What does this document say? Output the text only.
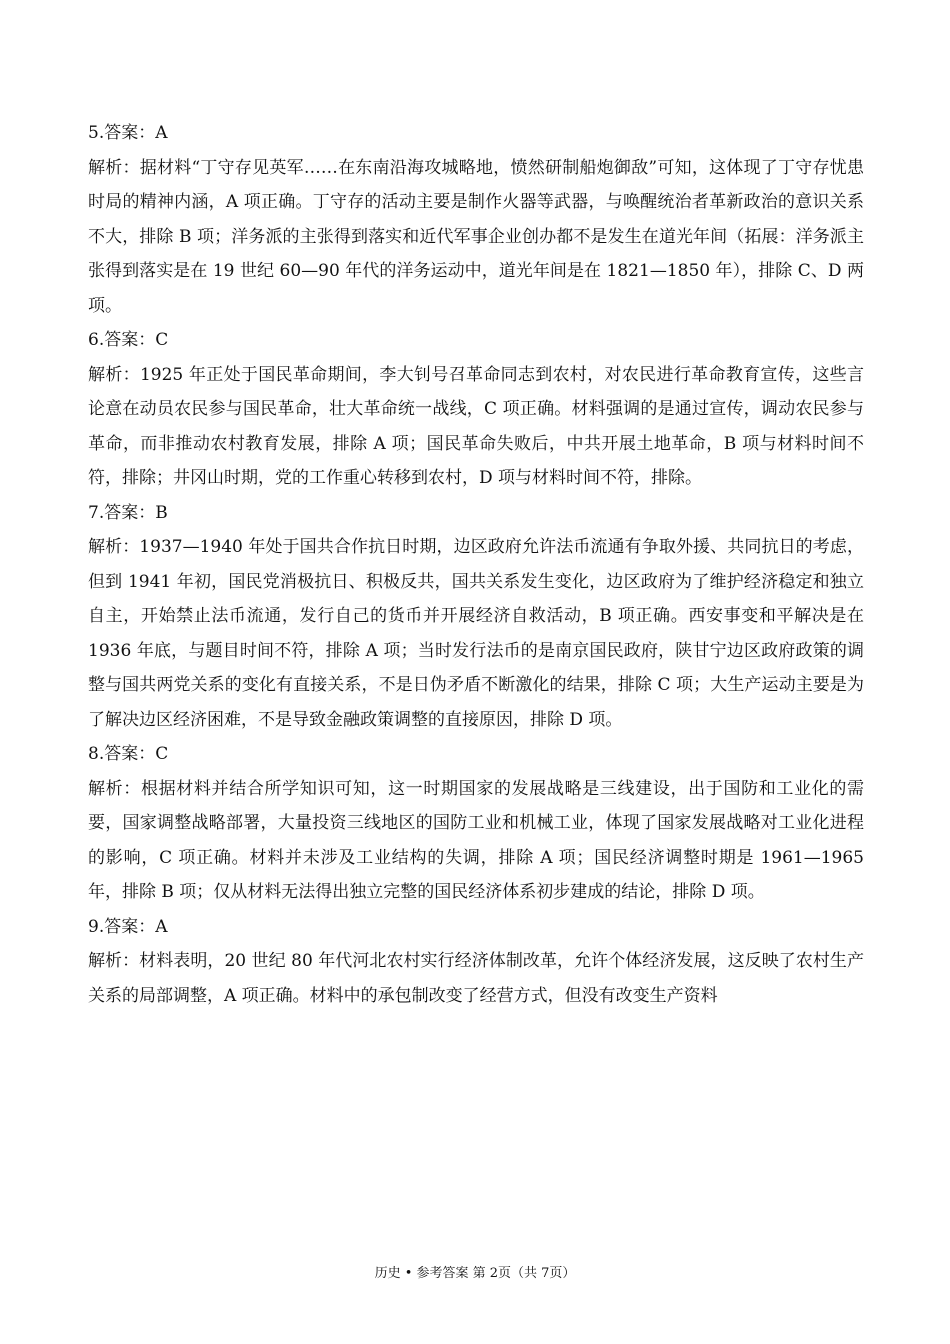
5.答案：A

解析：据材料“丁守存见英军……在东南沿海攻城略地，愤然研制船炮御敌”可知，这体现了丁守存忧患时局的精神内涵，A 项正确。丁守存的活动主要是制作火器等武器，与唤醒统治者革新政治的意识关系不大，排除 B 项；洋务派的主张得到落实和近代军事企业创办都不是发生在道光年间（拓展：洋务派主张得到落实是在 19 世纪 60—90 年代的洋务运动中，道光年间是在 1821—1850 年），排除 C、D 两项。

6.答案：C

解析：1925 年正处于国民革命期间，李大钊号召革命同志到农村，对农民进行革命教育宣传，这些言论意在动员农民参与国民革命，壮大革命统一战线，C 项正确。材料强调的是通过宣传，调动农民参与革命，而非推动农村教育发展，排除 A 项；国民革命失败后，中共开展土地革命，B 项与材料时间不符，排除；井冈山时期，党的工作重心转移到农村，D 项与材料时间不符，排除。

7.答案：B

解析：1937—1940 年处于国共合作抗日时期，边区政府允许法币流通有争取外援、共同抗日的考虑，但到 1941 年初，国民党消极抗日、积极反共，国共关系发生变化，边区政府为了维护经济稳定和独立自主，开始禁止法币流通，发行自己的货币并开展经济自救活动，B 项正确。西安事变和平解决是在 1936 年底，与题目时间不符，排除 A 项；当时发行法币的是南京国民政府，陕甘宁边区政府政策的调整与国共两党关系的变化有直接关系，不是日伪矛盾不断激化的结果，排除 C 项；大生产运动主要是为了解决边区经济困难，不是导致金融政策调整的直接原因，排除 D 项。

8.答案：C

解析：根据材料并结合所学知识可知，这一时期国家的发展战略是三线建设，出于国防和工业化的需要，国家调整战略部署，大量投资三线地区的国防工业和机械工业，体现了国家发展战略对工业化进程的影响，C 项正确。材料并未涉及工业结构的失调，排除 A 项；国民经济调整时期是 1961—1965 年，排除 B 项；仅从材料无法得出独立完整的国民经济体系初步建成的结论，排除 D 项。

9.答案：A

解析：材料表明，20 世纪 80 年代河北农村实行经济体制改革，允许个体经济发展，这反映了农村生产关系的局部调整，A 项正确。材料中的承包制改变了经营方式，但没有改变生产资料

历史 • 参考答案 第 2页（共 7页）
